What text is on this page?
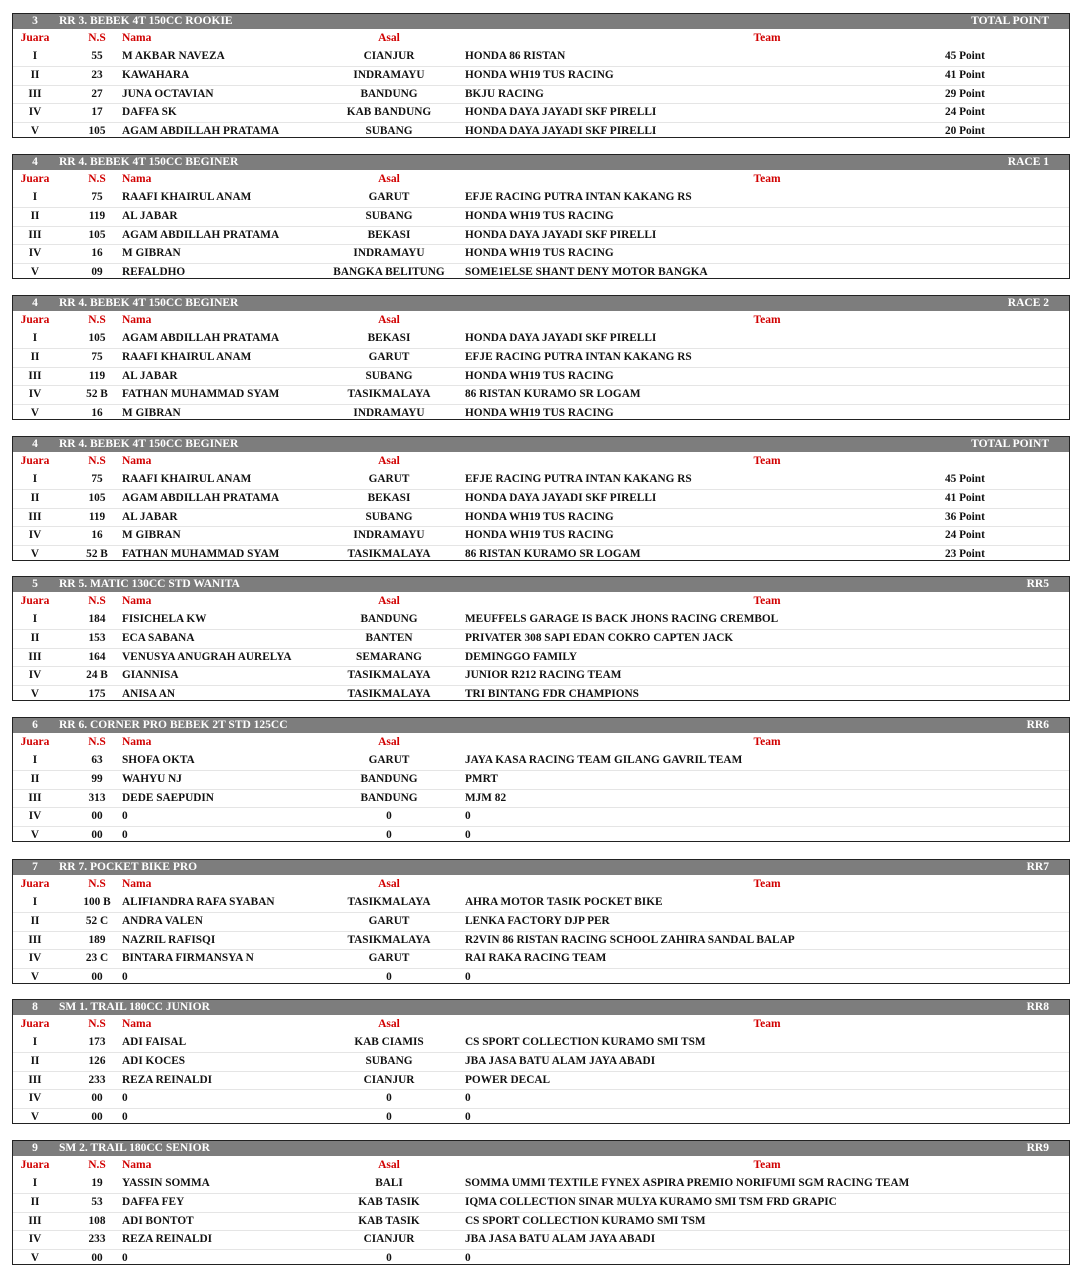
3	RR 3. BEBEK 4T 150CC ROOKIE	TOTAL POINT
Juara	N.S	Nama	Asal	Team
I	55	M AKBAR NAVEZA	CIANJUR	HONDA 86 RISTAN	45 Point
II	23	KAWAHARA	INDRAMAYU	HONDA WH19 TUS RACING	41 Point
III	27	JUNA OCTAVIAN	BANDUNG	BKJU RACING	29 Point
IV	17	DAFFA SK	KAB BANDUNG	HONDA DAYA JAYADI SKF PIRELLI	24 Point
V	105	AGAM ABDILLAH PRATAMA	SUBANG	HONDA DAYA JAYADI SKF PIRELLI	20 Point
4	RR 4. BEBEK 4T 150CC BEGINER	RACE 1
Juara	N.S	Nama	Asal	Team
I	75	RAAFI KHAIRUL ANAM	GARUT	EFJE RACING PUTRA INTAN KAKANG RS
II	119	AL JABAR	SUBANG	HONDA WH19 TUS RACING
III	105	AGAM ABDILLAH PRATAMA	BEKASI	HONDA DAYA JAYADI SKF PIRELLI
IV	16	M GIBRAN	INDRAMAYU	HONDA WH19 TUS RACING
V	09	REFALDHO	BANGKA BELITUNG	SOME1ELSE SHANT DENY MOTOR BANGKA
4	RR 4. BEBEK 4T 150CC BEGINER	RACE 2
Juara	N.S	Nama	Asal	Team
I	105	AGAM ABDILLAH PRATAMA	BEKASI	HONDA DAYA JAYADI SKF PIRELLI
II	75	RAAFI KHAIRUL ANAM	GARUT	EFJE RACING PUTRA INTAN KAKANG RS
III	119	AL JABAR	SUBANG	HONDA WH19 TUS RACING
IV	52 B	FATHAN MUHAMMAD SYAM	TASIKMALAYA	86 RISTAN KURAMO SR LOGAM
V	16	M GIBRAN	INDRAMAYU	HONDA WH19 TUS RACING
4	RR 4. BEBEK 4T 150CC BEGINER	TOTAL POINT
Juara	N.S	Nama	Asal	Team
I	75	RAAFI KHAIRUL ANAM	GARUT	EFJE RACING PUTRA INTAN KAKANG RS	45 Point
II	105	AGAM ABDILLAH PRATAMA	BEKASI	HONDA DAYA JAYADI SKF PIRELLI	41 Point
III	119	AL JABAR	SUBANG	HONDA WH19 TUS RACING	36 Point
IV	16	M GIBRAN	INDRAMAYU	HONDA WH19 TUS RACING	24 Point
V	52 B	FATHAN MUHAMMAD SYAM	TASIKMALAYA	86 RISTAN KURAMO SR LOGAM	23 Point
5	RR 5. MATIC 130CC STD WANITA	RR5
Juara	N.S	Nama	Asal	Team
I	184	FISICHELA KW	BANDUNG	MEUFFELS GARAGE IS BACK JHONS RACING CREMBOL
II	153	ECA SABANA	BANTEN	PRIVATER 308 SAPI EDAN COKRO CAPTEN JACK
III	164	VENUSYA ANUGRAH AURELYA	SEMARANG	DEMINGGO FAMILY
IV	24 B	GIANNISA	TASIKMALAYA	JUNIOR R212 RACING TEAM
V	175	ANISA AN	TASIKMALAYA	TRI BINTANG FDR CHAMPIONS
6	RR 6. CORNER PRO BEBEK 2T STD 125CC	RR6
Juara	N.S	Nama	Asal	Team
I	63	SHOFA OKTA	GARUT	JAYA KASA RACING TEAM GILANG GAVRIL TEAM
II	99	WAHYU NJ	BANDUNG	PMRT
III	313	DEDE SAEPUDIN	BANDUNG	MJM 82
IV	00	0	0	0
V	00	0	0	0
7	RR 7. POCKET BIKE PRO	RR7
Juara	N.S	Nama	Asal	Team
I	100 B	ALIFIANDRA RAFA SYABAN	TASIKMALAYA	AHRA MOTOR TASIK POCKET BIKE
II	52 C	ANDRA VALEN	GARUT	LENKA FACTORY DJP PER
III	189	NAZRIL RAFISQI	TASIKMALAYA	R2VIN 86 RISTAN RACING SCHOOL ZAHIRA SANDAL BALAP
IV	23 C	BINTARA FIRMANSYA N	GARUT	RAI RAKA RACING TEAM
V	00	0	0	0
8	SM 1. TRAIL 180CC JUNIOR	RR8
Juara	N.S	Nama	Asal	Team
I	173	ADI FAISAL	KAB CIAMIS	CS SPORT COLLECTION KURAMO SMI TSM
II	126	ADI KOCES	SUBANG	JBA JASA BATU ALAM JAYA ABADI
III	233	REZA REINALDI	CIANJUR	POWER DECAL
IV	00	0	0	0
V	00	0	0	0
9	SM 2. TRAIL 180CC SENIOR	RR9
Juara	N.S	Nama	Asal	Team
I	19	YASSIN SOMMA	BALI	SOMMA UMMI TEXTILE FYNEX ASPIRA PREMIO NORIFUMI SGM RACING TEAM
II	53	DAFFA FEY	KAB TASIK	IQMA COLLECTION SINAR MULYA KURAMO SMI TSM FRD GRAPIC
III	108	ADI BONTOT	KAB TASIK	CS SPORT COLLECTION KURAMO SMI TSM
IV	233	REZA REINALDI	CIANJUR	JBA JASA BATU ALAM JAYA ABADI
V	00	0	0	0
